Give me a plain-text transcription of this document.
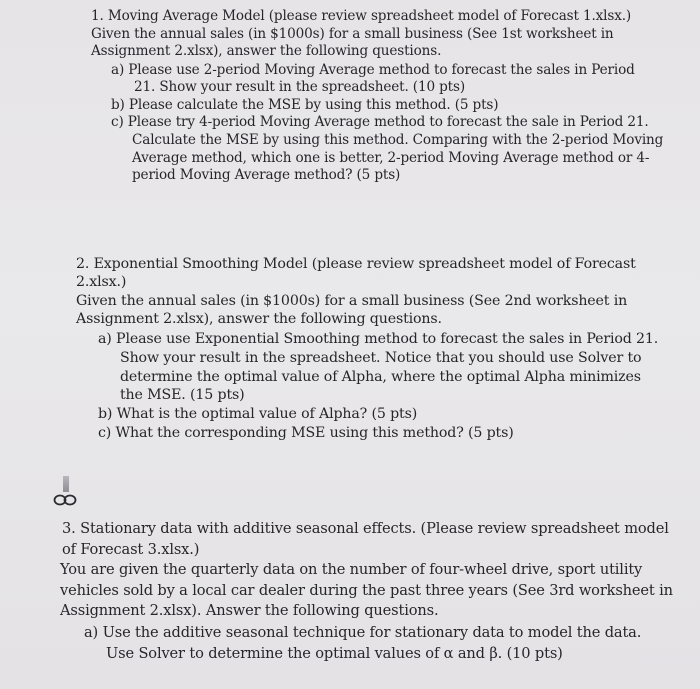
1. Moving Average Model (please review spreadsheet model of Forecast 1.xlsx.)
Given the annual sales (in $1000s) for a small business (See 1st worksheet in
Assignment 2.xlsx), answer the following questions.
a) Please use 2-period Moving Average method to forecast the sales in Period
21. Show your result in the spreadsheet. (10 pts)
b) Please calculate the MSE by using this method. (5 pts)
c) Please try 4-period Moving Average method to forecast the sale in Period 21.
Calculate the MSE by using this method. Comparing with the 2-period Moving
Average method, which one is better, 2-period Moving Average method or 4-
period Moving Average method? (5 pts)
2. Exponential Smoothing Model (please review spreadsheet model of Forecast
2.xlsx.)
Given the annual sales (in $1000s) for a small business (See 2nd worksheet in
Assignment 2.xlsx), answer the following questions.
a) Please use Exponential Smoothing method to forecast the sales in Period 21.
Show your result in the spreadsheet. Notice that you should use Solver to
determine the optimal value of Alpha, where the optimal Alpha minimizes
the MSE. (15 pts)
b) What is the optimal value of Alpha? (5 pts)
c) What the corresponding MSE using this method? (5 pts)
3. Stationary data with additive seasonal effects. (Please review spreadsheet model
of Forecast 3.xlsx.)
You are given the quarterly data on the number of four-wheel drive, sport utility
vehicles sold by a local car dealer during the past three years (See 3rd worksheet in
Assignment 2.xlsx). Answer the following questions.
a) Use the additive seasonal technique for stationary data to model the data.
Use Solver to determine the optimal values of α and β. (10 pts)
